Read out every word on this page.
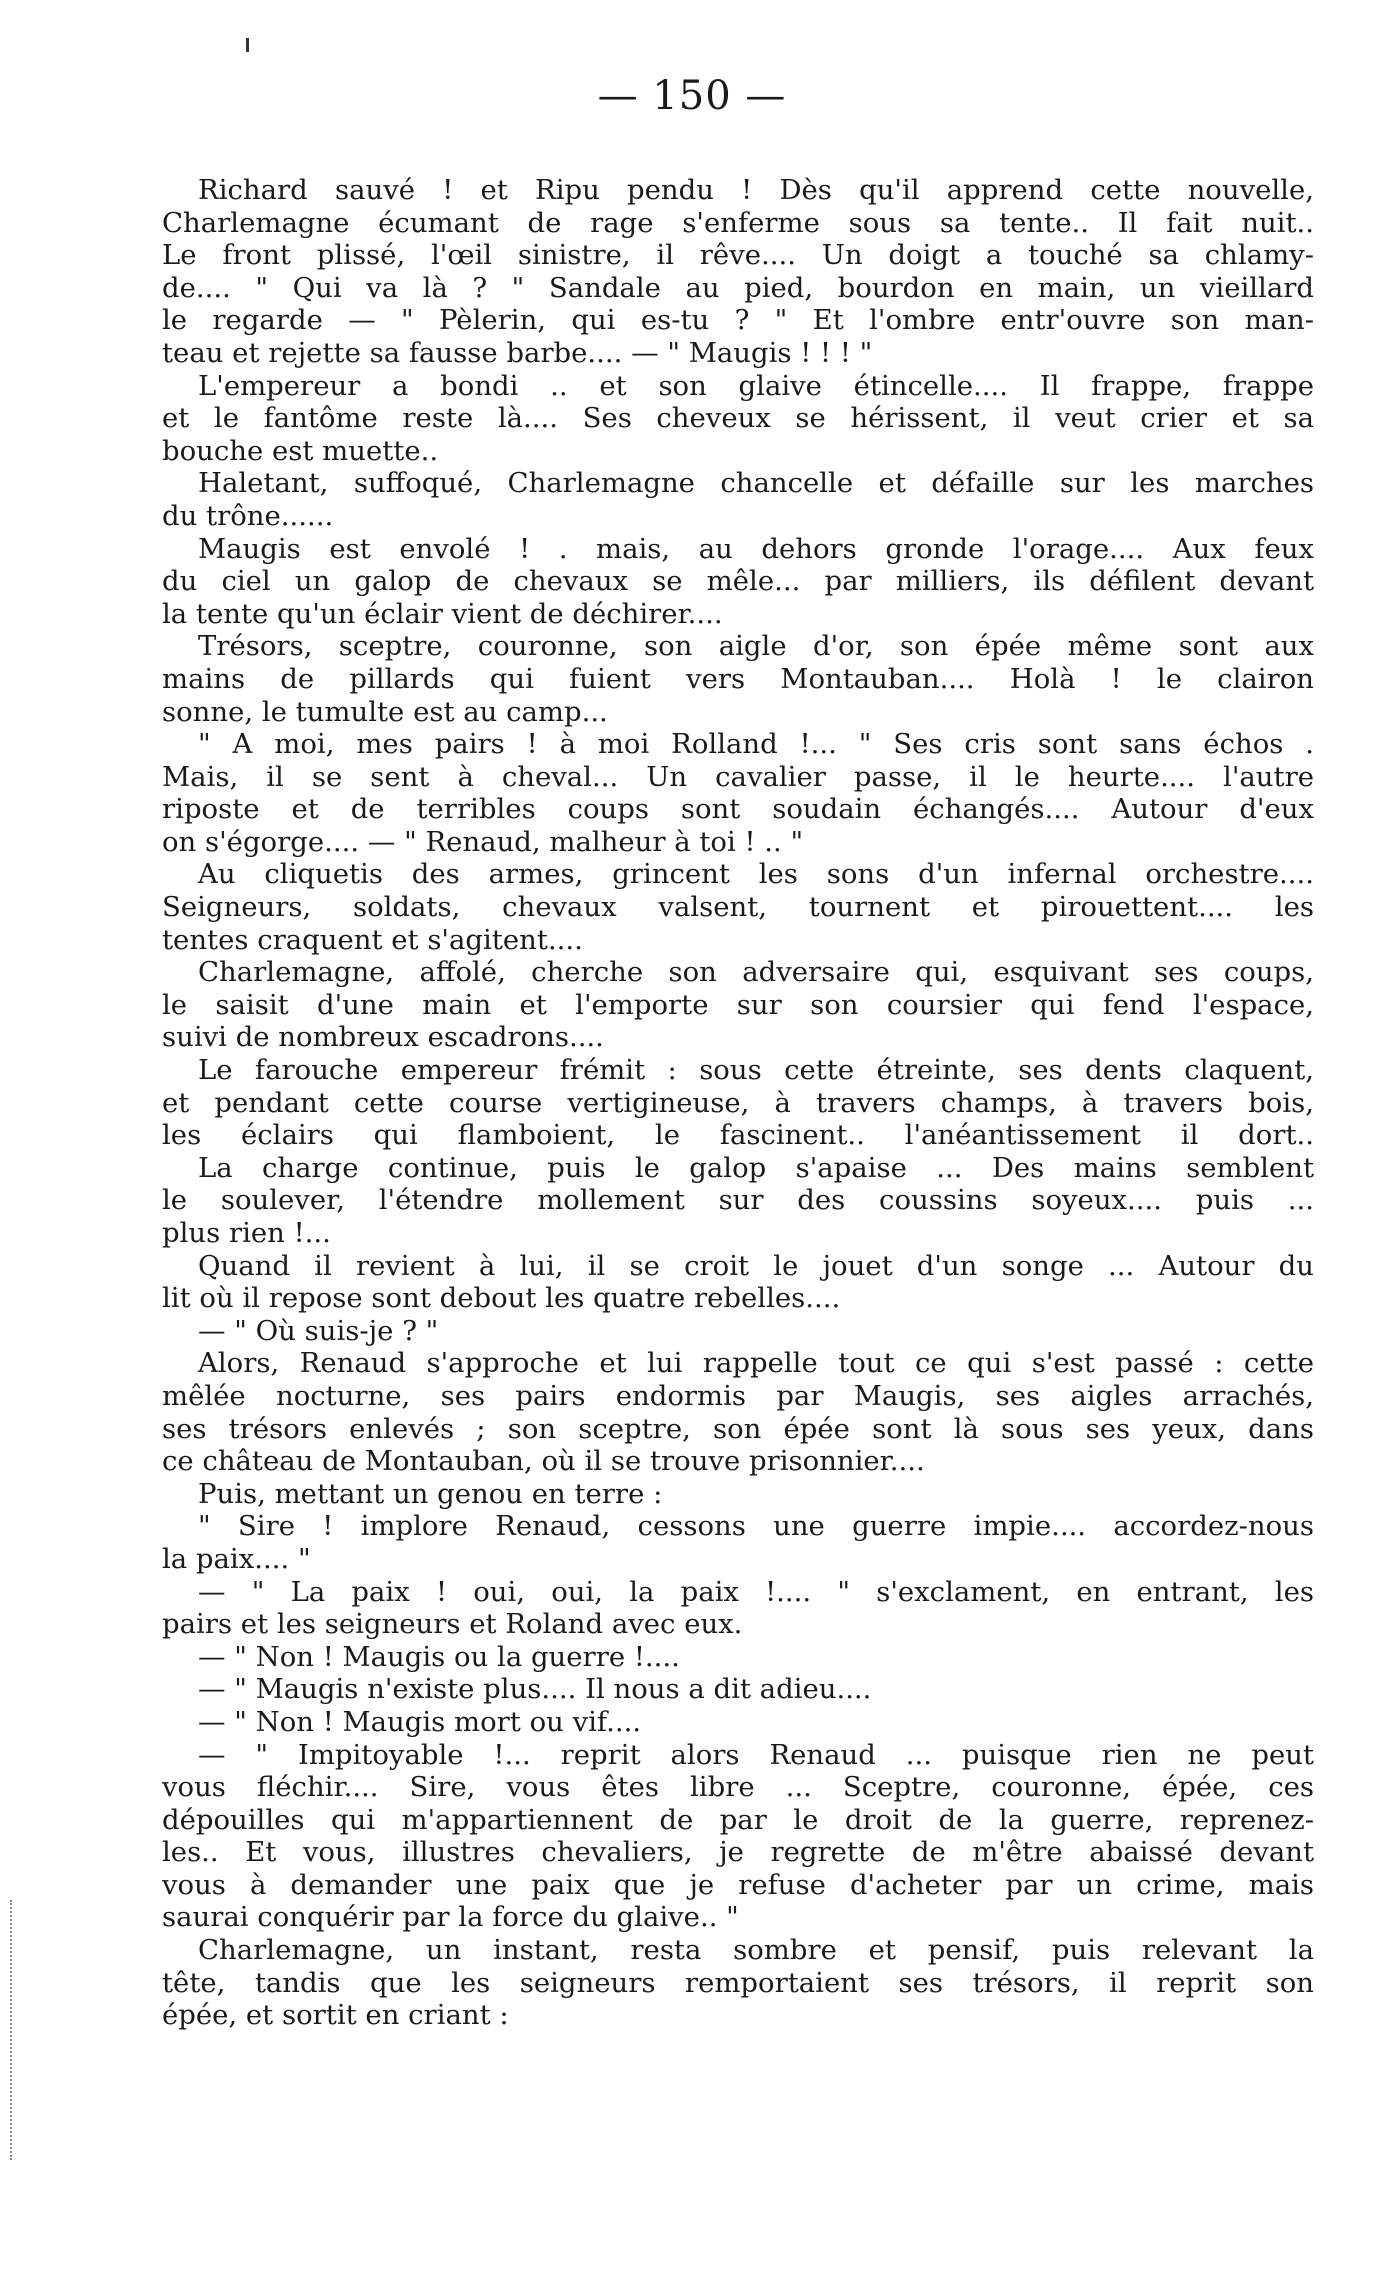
— 150 —
Richard sauvé ! et Ripu pendu ! Dès qu'il apprend cette nouvelle,
Charlemagne écumant de rage s'enferme sous sa tente.. Il fait nuit..
Le front plissé, l'œil sinistre, il rêve.... Un doigt a touché sa chlamy-
de.... " Qui va là ? " Sandale au pied, bourdon en main, un vieillard
le regarde — " Pèlerin, qui es-tu ? " Et l'ombre entr'ouvre son man-
teau et rejette sa fausse barbe.... — " Maugis ! ! ! "
L'empereur a bondi .. et son glaive étincelle.... Il frappe, frappe
et le fantôme reste là.... Ses cheveux se hérissent, il veut crier et sa
bouche est muette..
Haletant, suffoqué, Charlemagne chancelle et défaille sur les marches
du trône......
Maugis est envolé ! . mais, au dehors gronde l'orage.... Aux feux
du ciel un galop de chevaux se mêle... par milliers, ils défilent devant
la tente qu'un éclair vient de déchirer....
Trésors, sceptre, couronne, son aigle d'or, son épée même sont aux
mains de pillards qui fuient vers Montauban.... Holà ! le clairon
sonne, le tumulte est au camp...
" A moi, mes pairs ! à moi Rolland !... " Ses cris sont sans échos .
Mais, il se sent à cheval... Un cavalier passe, il le heurte.... l'autre
riposte et de terribles coups sont soudain échangés.... Autour d'eux
on s'égorge.... — " Renaud, malheur à toi ! .. "
Au cliquetis des armes, grincent les sons d'un infernal orchestre....
Seigneurs, soldats, chevaux valsent, tournent et pirouettent.... les
tentes craquent et s'agitent....
Charlemagne, affolé, cherche son adversaire qui, esquivant ses coups,
le saisit d'une main et l'emporte sur son coursier qui fend l'espace,
suivi de nombreux escadrons....
Le farouche empereur frémit : sous cette étreinte, ses dents claquent,
et pendant cette course vertigineuse, à travers champs, à travers bois,
les éclairs qui flamboient, le fascinent.. l'anéantissement il dort..
La charge continue, puis le galop s'apaise ... Des mains semblent
le soulever, l'étendre mollement sur des coussins soyeux.... puis ...
plus rien !...
Quand il revient à lui, il se croit le jouet d'un songe ... Autour du
lit où il repose sont debout les quatre rebelles....
— " Où suis-je ? "
Alors, Renaud s'approche et lui rappelle tout ce qui s'est passé : cette
mêlée nocturne, ses pairs endormis par Maugis, ses aigles arrachés,
ses trésors enlevés ; son sceptre, son épée sont là sous ses yeux, dans
ce château de Montauban, où il se trouve prisonnier....
Puis, mettant un genou en terre :
" Sire ! implore Renaud, cessons une guerre impie.... accordez-nous
la paix.... "
— " La paix ! oui, oui, la paix !.... " s'exclament, en entrant, les
pairs et les seigneurs et Roland avec eux.
— " Non ! Maugis ou la guerre !....
— " Maugis n'existe plus.... Il nous a dit adieu....
— " Non ! Maugis mort ou vif....
— " Impitoyable !... reprit alors Renaud ... puisque rien ne peut
vous fléchir.... Sire, vous êtes libre ... Sceptre, couronne, épée, ces
dépouilles qui m'appartiennent de par le droit de la guerre, reprenez-
les.. Et vous, illustres chevaliers, je regrette de m'être abaissé devant
vous à demander une paix que je refuse d'acheter par un crime, mais
saurai conquérir par la force du glaive.. "
Charlemagne, un instant, resta sombre et pensif, puis relevant la
tête, tandis que les seigneurs remportaient ses trésors, il reprit son
épée, et sortit en criant :
